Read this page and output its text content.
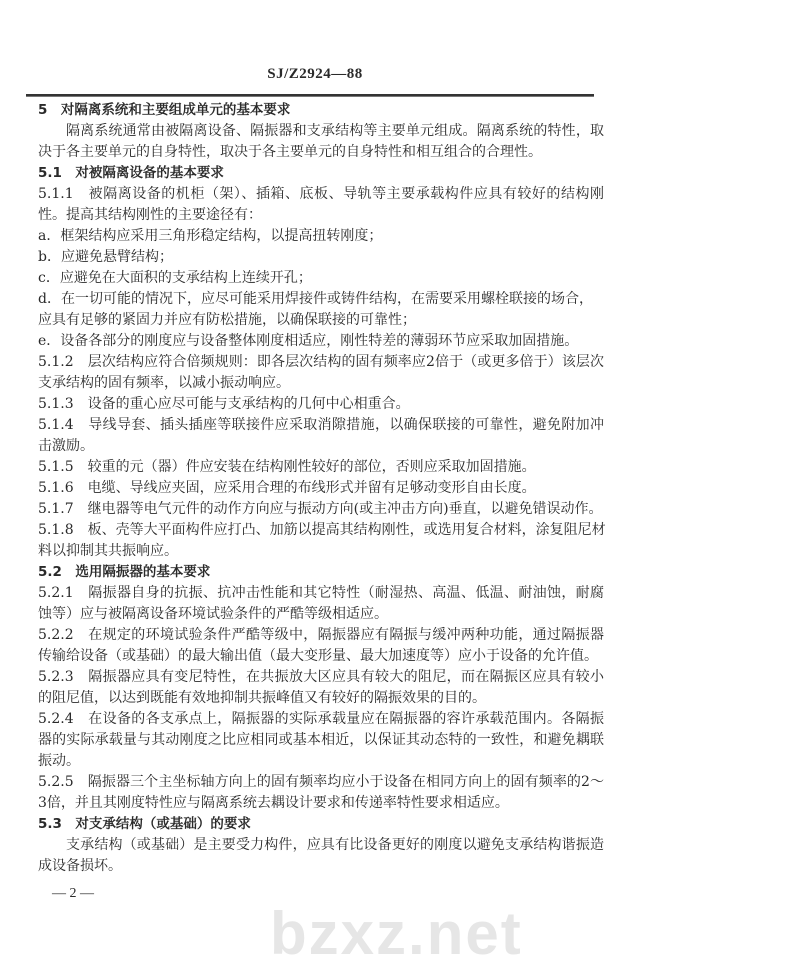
SJ/Z2924—88
5　对隔离系统和主要组成单元的基本要求
隔离系统通常由被隔离设备、隔振器和支承结构等主要单元组成。隔离系统的特性，取
决于各主要单元的自身特性，取决于各主要单元的自身特性和相互组合的合理性。
5.1　对被隔离设备的基本要求
5.1.1　被隔离设备的机柜（架）、插箱、底板、导轨等主要承载构件应具有较好的结构刚
性。提高其结构刚性的主要途径有：
a．框架结构应采用三角形稳定结构，以提高扭转刚度；
b．应避免悬臂结构；
c．应避免在大面积的支承结构上连续开孔；
d．在一切可能的情况下，应尽可能采用焊接件或铸件结构，在需要采用螺栓联接的场合，
应具有足够的紧固力并应有防松措施，以确保联接的可靠性；
e．设备各部分的刚度应与设备整体刚度相适应，刚性特差的薄弱环节应采取加固措施。
5.1.2　层次结构应符合倍频规则：即各层次结构的固有频率应2倍于（或更多倍于）该层次
支承结构的固有频率，以减小振动响应。
5.1.3　设备的重心应尽可能与支承结构的几何中心相重合。
5.1.4　导线导套、插头插座等联接件应采取消隙措施，以确保联接的可靠性，避免附加冲
击激励。
5.1.5　较重的元（器）件应安装在结构刚性较好的部位，否则应采取加固措施。
5.1.6　电缆、导线应夹固，应采用合理的布线形式并留有足够动变形自由长度。
5.1.7　继电器等电气元件的动作方向应与振动方向(或主冲击方向)垂直，以避免错误动作。
5.1.8　板、壳等大平面构件应打凸、加筋以提高其结构刚性，或选用复合材料，涂复阻尼材
料以抑制其共振响应。
5.2　选用隔振器的基本要求
5.2.1　隔振器自身的抗振、抗冲击性能和其它特性（耐湿热、高温、低温、耐油蚀，耐腐
蚀等）应与被隔离设备环境试验条件的严酷等级相适应。
5.2.2　在规定的环境试验条件严酷等级中，隔振器应有隔振与缓冲两种功能，通过隔振器
传输给设备（或基础）的最大输出值（最大变形量、最大加速度等）应小于设备的允许值。
5.2.3　隔振器应具有变尼特性，在共振放大区应具有较大的阻尼，而在隔振区应具有较小
的阻尼值，以达到既能有效地抑制共振峰值又有较好的隔振效果的目的。
5.2.4　在设备的各支承点上，隔振器的实际承载量应在隔振器的容许承载范围内。各隔振
器的实际承载量与其动刚度之比应相同或基本相近，以保证其动态特的一致性，和避免耦联
振动。
5.2.5　隔振器三个主坐标轴方向上的固有频率均应小于设备在相同方向上的固有频率的2～
3倍，并且其刚度特性应与隔离系统去耦设计要求和传递率特性要求相适应。
5.3　对支承结构（或基础）的要求
支承结构（或基础）是主要受力构件，应具有比设备更好的刚度以避免支承结构谐振造
成设备损坏。
— 2 —
bzxz.net
